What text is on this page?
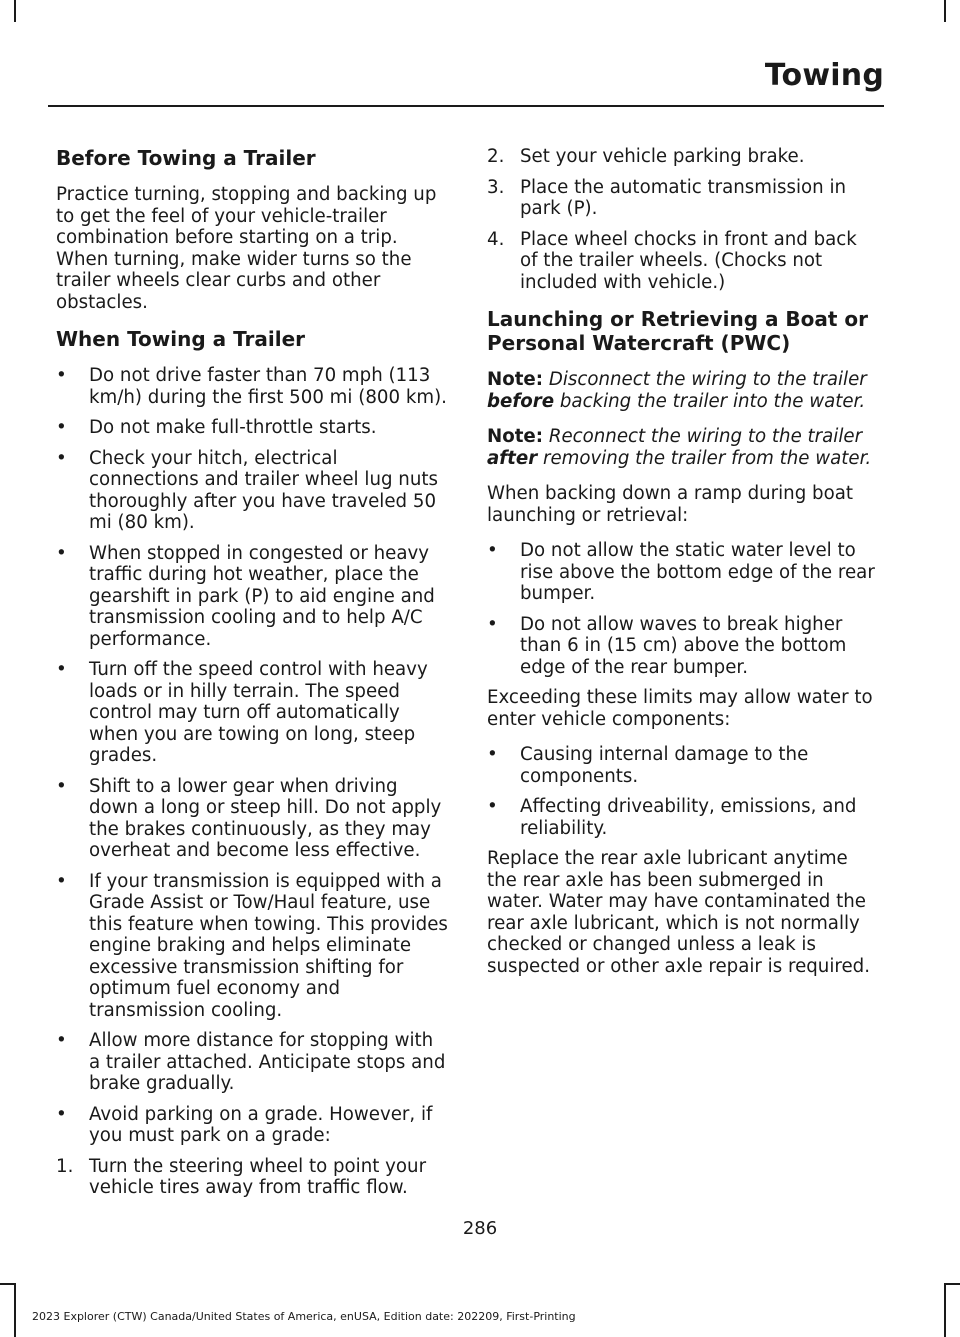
Towing
Before Towing a Trailer

Practice turning, stopping and backing up to get the feel of your vehicle-trailer combination before starting on a trip. When turning, make wider turns so the trailer wheels clear curbs and other obstacles.

When Towing a Trailer
• Do not drive faster than 70 mph (113 km/h) during the first 500 mi (800 km).
• Do not make full-throttle starts.
• Check your hitch, electrical connections and trailer wheel lug nuts thoroughly after you have traveled 50 mi (80 km).
• When stopped in congested or heavy traffic during hot weather, place the gearshift in park (P) to aid engine and transmission cooling and to help A/C performance.
• Turn off the speed control with heavy loads or in hilly terrain. The speed control may turn off automatically when you are towing on long, steep grades.
• Shift to a lower gear when driving down a long or steep hill. Do not apply the brakes continuously, as they may overheat and become less effective.
• If your transmission is equipped with a Grade Assist or Tow/Haul feature, use this feature when towing. This provides engine braking and helps eliminate excessive transmission shifting for optimum fuel economy and transmission cooling.
• Allow more distance for stopping with a trailer attached. Anticipate stops and brake gradually.
• Avoid parking on a grade. However, if you must park on a grade:
1. Turn the steering wheel to point your vehicle tires away from traffic flow.
2. Set your vehicle parking brake.
3. Place the automatic transmission in park (P).
4. Place wheel chocks in front and back of the trailer wheels. (Chocks not included with vehicle.)
Launching or Retrieving a Boat or Personal Watercraft (PWC)

Note: Disconnect the wiring to the trailer before backing the trailer into the water.

Note: Reconnect the wiring to the trailer after removing the trailer from the water.

When backing down a ramp during boat launching or retrieval:

• Do not allow the static water level to rise above the bottom edge of the rear bumper.
• Do not allow waves to break higher than 6 in (15 cm) above the bottom edge of the rear bumper.

Exceeding these limits may allow water to enter vehicle components:

• Causing internal damage to the components.
• Affecting driveability, emissions, and reliability.

Replace the rear axle lubricant anytime the rear axle has been submerged in water. Water may have contaminated the rear axle lubricant, which is not normally checked or changed unless a leak is suspected or other axle repair is required.

286
2023 Explorer (CTW) Canada/United States of America, enUSA, Edition date: 202209, First-Printing
